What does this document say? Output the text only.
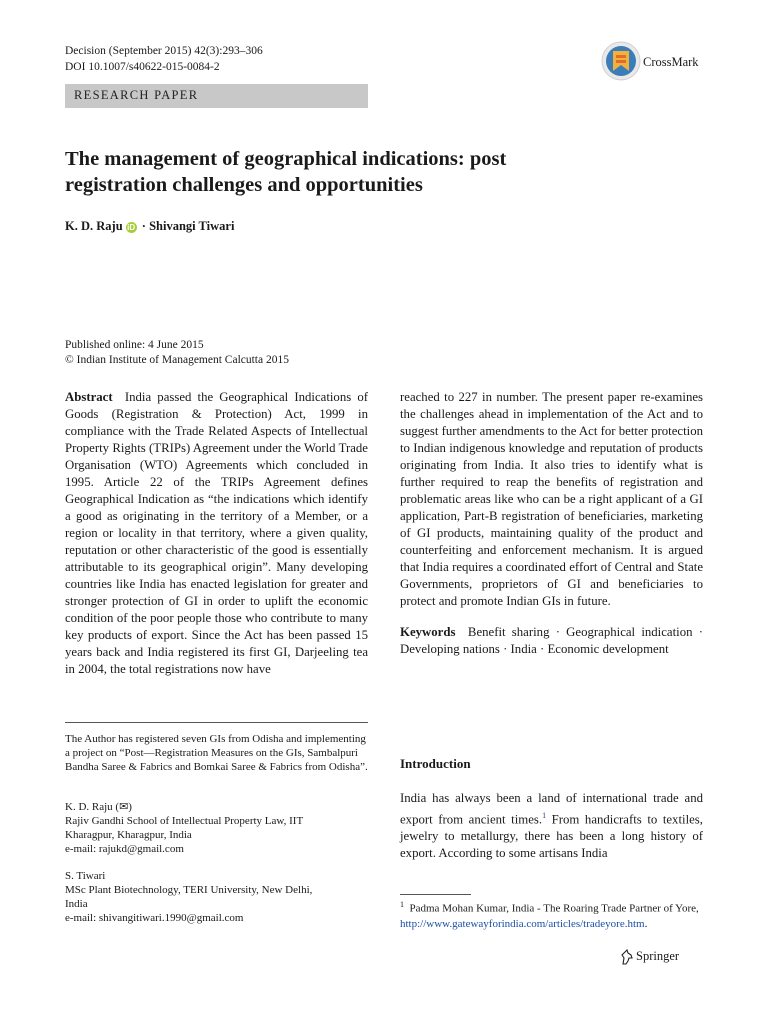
Decision (September 2015) 42(3):293–306
DOI 10.1007/s40622-015-0084-2	CrossMark
RESEARCH PAPER
The management of geographical indications: post
registration challenges and opportunities
K. D. Raju iD · Shivangi Tiwari
Published online: 4 June 2015
© Indian Institute of Management Calcutta 2015

Abstract India passed the Geographical Indications of Goods (Registration & Protection) Act, 1999 in compliance with the Trade Related Aspects of Intellectual Property Rights (TRIPs) Agreement under the World Trade Organisation (WTO) Agreements which concluded in 1995. Article 22 of the TRIPs Agreement defines Geographical Indication as “the indications which identify a good as originating in the territory of a Member, or a region or locality in that territory, where a given quality, reputation or other characteristic of the good is essentially attributable to its geographical origin”. Many developing countries like India has enacted legislation for greater and stronger protection of GI in order to uplift the economic condition of the poor people those who contribute to many key products of export. Since the Act has been passed 15 years back and India registered its first GI, Darjeeling tea in 2004, the total registrations now have

reached to 227 in number. The present paper re-examines the challenges ahead in implementation of the Act and to suggest further amendments to the Act for better protection to Indian indigenous knowledge and reputation of products originating from India. It also tries to identify what is further required to reap the benefits of registration and problematic areas like who can be a right applicant of a GI application, Part-B registration of beneficiaries, marketing of GI products, maintaining quality of the product and counterfeiting and enforcement mechanism. It is argued that India requires a coordinated effort of Central and State Governments, proprietors of GI and beneficiaries to protect and promote Indian GIs in future.

Keywords Benefit sharing · Geographical indication · Developing nations · India · Economic development

The Author has registered seven GIs from Odisha and implementing a project on “Post—Registration Measures on the GIs, Sambalpuri Bandha Saree & Fabrics and Bomkai Saree & Fabrics from Odisha”.
K. D. Raju (✉)
Rajiv Gandhi School of Intellectual Property Law, IIT
Kharagpur, Kharagpur, India
e-mail: rajukd@gmail.com
S. Tiwari
MSc Plant Biotechnology, TERI University, New Delhi,
India
e-mail: shivangitiwari.1990@gmail.com
Introduction

India has always been a land of international trade and export from ancient times.$^1$ From handicrafts to textiles, jewelry to metallurgy, there has been a long history of export. According to some artisans India

$^1$ Padma Mohan Kumar, India - The Roaring Trade Partner of Yore, http://www.gatewayforindia.com/articles/tradeyore.htm.
Springer
